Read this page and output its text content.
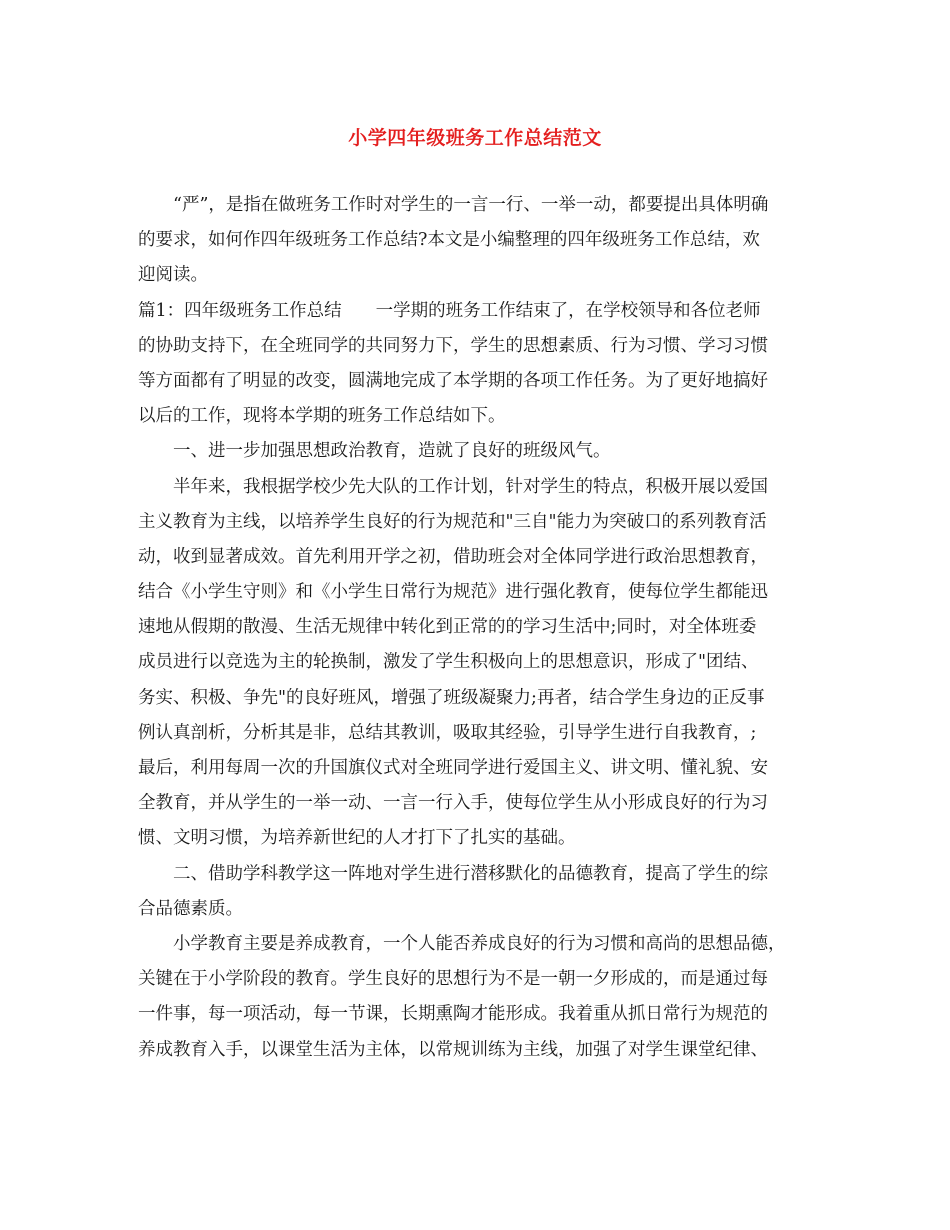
小学四年级班务工作总结范文
“严”，是指在做班务工作时对学生的一言一行、一举一动，都要提出具体明确
的要求，如何作四年级班务工作总结?本文是小编整理的四年级班务工作总结，欢
迎阅读。
篇1：四年级班务工作总结 一学期的班务工作结束了，在学校领导和各位老师
的协助支持下，在全班同学的共同努力下，学生的思想素质、行为习惯、学习习惯
等方面都有了明显的改变，圆满地完成了本学期的各项工作任务。为了更好地搞好
以后的工作，现将本学期的班务工作总结如下。
一、进一步加强思想政治教育，造就了良好的班级风气。
半年来，我根据学校少先大队的工作计划，针对学生的特点，积极开展以爱国
主义教育为主线，以培养学生良好的行为规范和"三自"能力为突破口的系列教育活
动，收到显著成效。首先利用开学之初，借助班会对全体同学进行政治思想教育，
结合《小学生守则》和《小学生日常行为规范》进行强化教育，使每位学生都能迅
速地从假期的散漫、生活无规律中转化到正常的的学习生活中;同时，对全体班委
成员进行以竞选为主的轮换制，激发了学生积极向上的思想意识，形成了"团结、
务实、积极、争先"的良好班风，增强了班级凝聚力;再者，结合学生身边的正反事
例认真剖析，分析其是非，总结其教训，吸取其经验，引导学生进行自我教育，;
最后，利用每周一次的升国旗仪式对全班同学进行爱国主义、讲文明、懂礼貌、安
全教育，并从学生的一举一动、一言一行入手，使每位学生从小形成良好的行为习
惯、文明习惯，为培养新世纪的人才打下了扎实的基础。
二、借助学科教学这一阵地对学生进行潜移默化的品德教育，提高了学生的综
合品德素质。
小学教育主要是养成教育，一个人能否养成良好的行为习惯和高尚的思想品德，
关键在于小学阶段的教育。学生良好的思想行为不是一朝一夕形成的，而是通过每
一件事，每一项活动，每一节课，长期熏陶才能形成。我着重从抓日常行为规范的
养成教育入手，以课堂生活为主体，以常规训练为主线，加强了对学生课堂纪律、
